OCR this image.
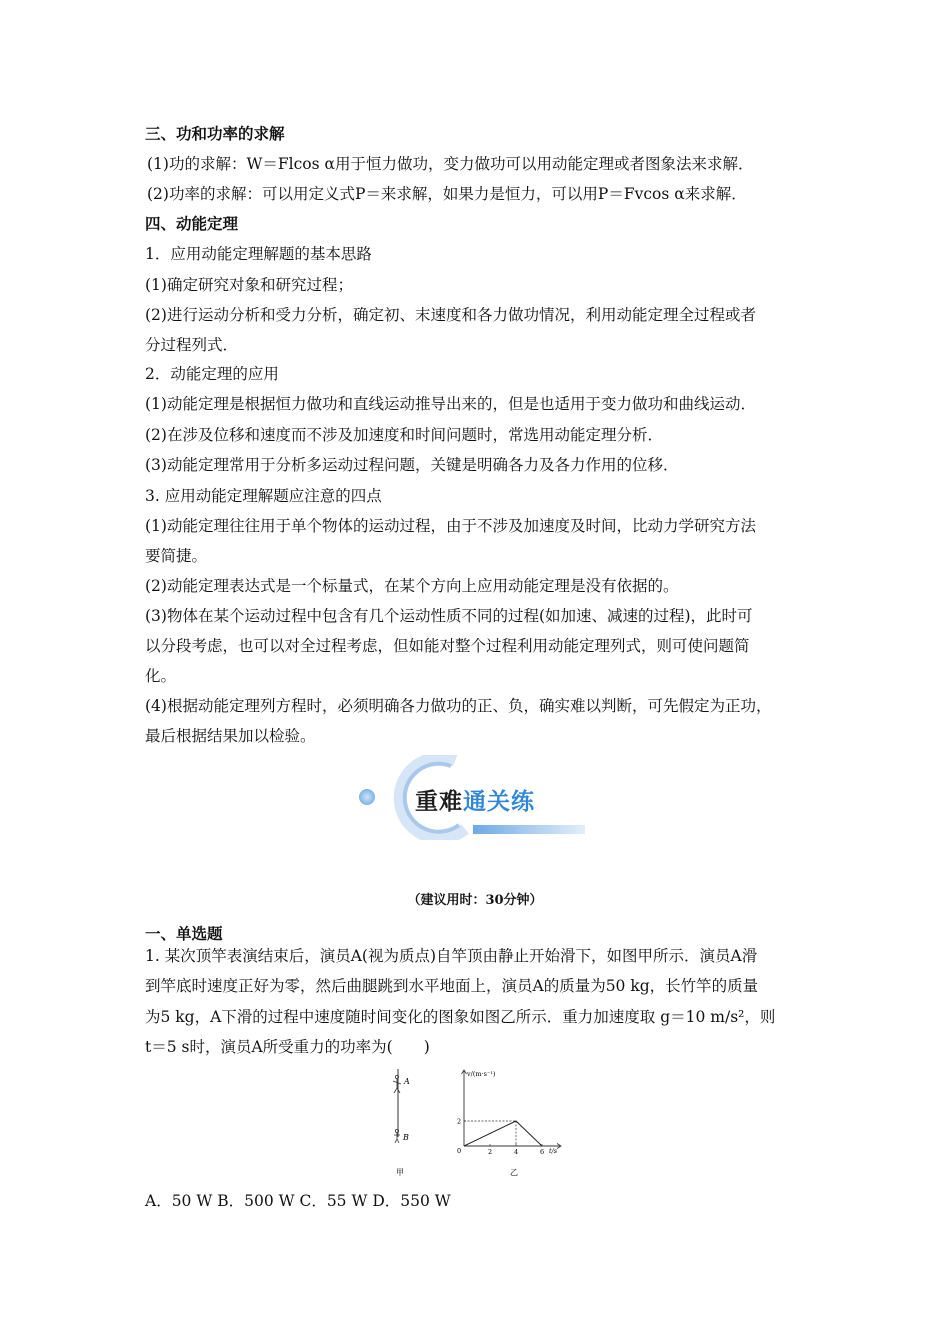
三、功和功率的求解
(1)功的求解：W＝Flcos α用于恒力做功，变力做功可以用动能定理或者图象法来求解．
(2)功率的求解：可以用定义式P＝来求解，如果力是恒力，可以用P＝Fvcos α来求解．
四、动能定理
1．应用动能定理解题的基本思路
(1)确定研究对象和研究过程；
(2)进行运动分析和受力分析，确定初、末速度和各力做功情况，利用动能定理全过程或者
分过程列式．
2．动能定理的应用
(1)动能定理是根据恒力做功和直线运动推导出来的，但是也适用于变力做功和曲线运动．
(2)在涉及位移和速度而不涉及加速度和时间问题时，常选用动能定理分析．
(3)动能定理常用于分析多运动过程问题，关键是明确各力及各力作用的位移．
3. 应用动能定理解题应注意的四点
(1)动能定理往往用于单个物体的运动过程，由于不涉及加速度及时间，比动力学研究方法
要简捷。
(2)动能定理表达式是一个标量式，在某个方向上应用动能定理是没有依据的。
(3)物体在某个运动过程中包含有几个运动性质不同的过程(如加速、减速的过程)，此时可
以分段考虑，也可以对全过程考虑，但如能对整个过程利用动能定理列式，则可使问题简
化。
(4)根据动能定理列方程时，必须明确各力做功的正、负，确实难以判断，可先假定为正功，
最后根据结果加以检验。
重难通关练
（建议用时：30分钟）
一、单选题
1. 某次顶竿表演结束后，演员A(视为质点)自竿顶由静止开始滑下，如图甲所示．演员A滑
到竿底时速度正好为零，然后曲腿跳到水平地面上，演员A的质量为50 kg，长竹竿的质量
为5 kg，A下滑的过程中速度随时间变化的图象如图乙所示．重力加速度取 g＝10 m/s²，则
t＝5 s时，演员A所受重力的功率为(　　)
A
B
甲
v/(m·s⁻¹)
t/s
0
乙
2	4	6
2
A．50 W B．500 W C．55 W D．550 W
